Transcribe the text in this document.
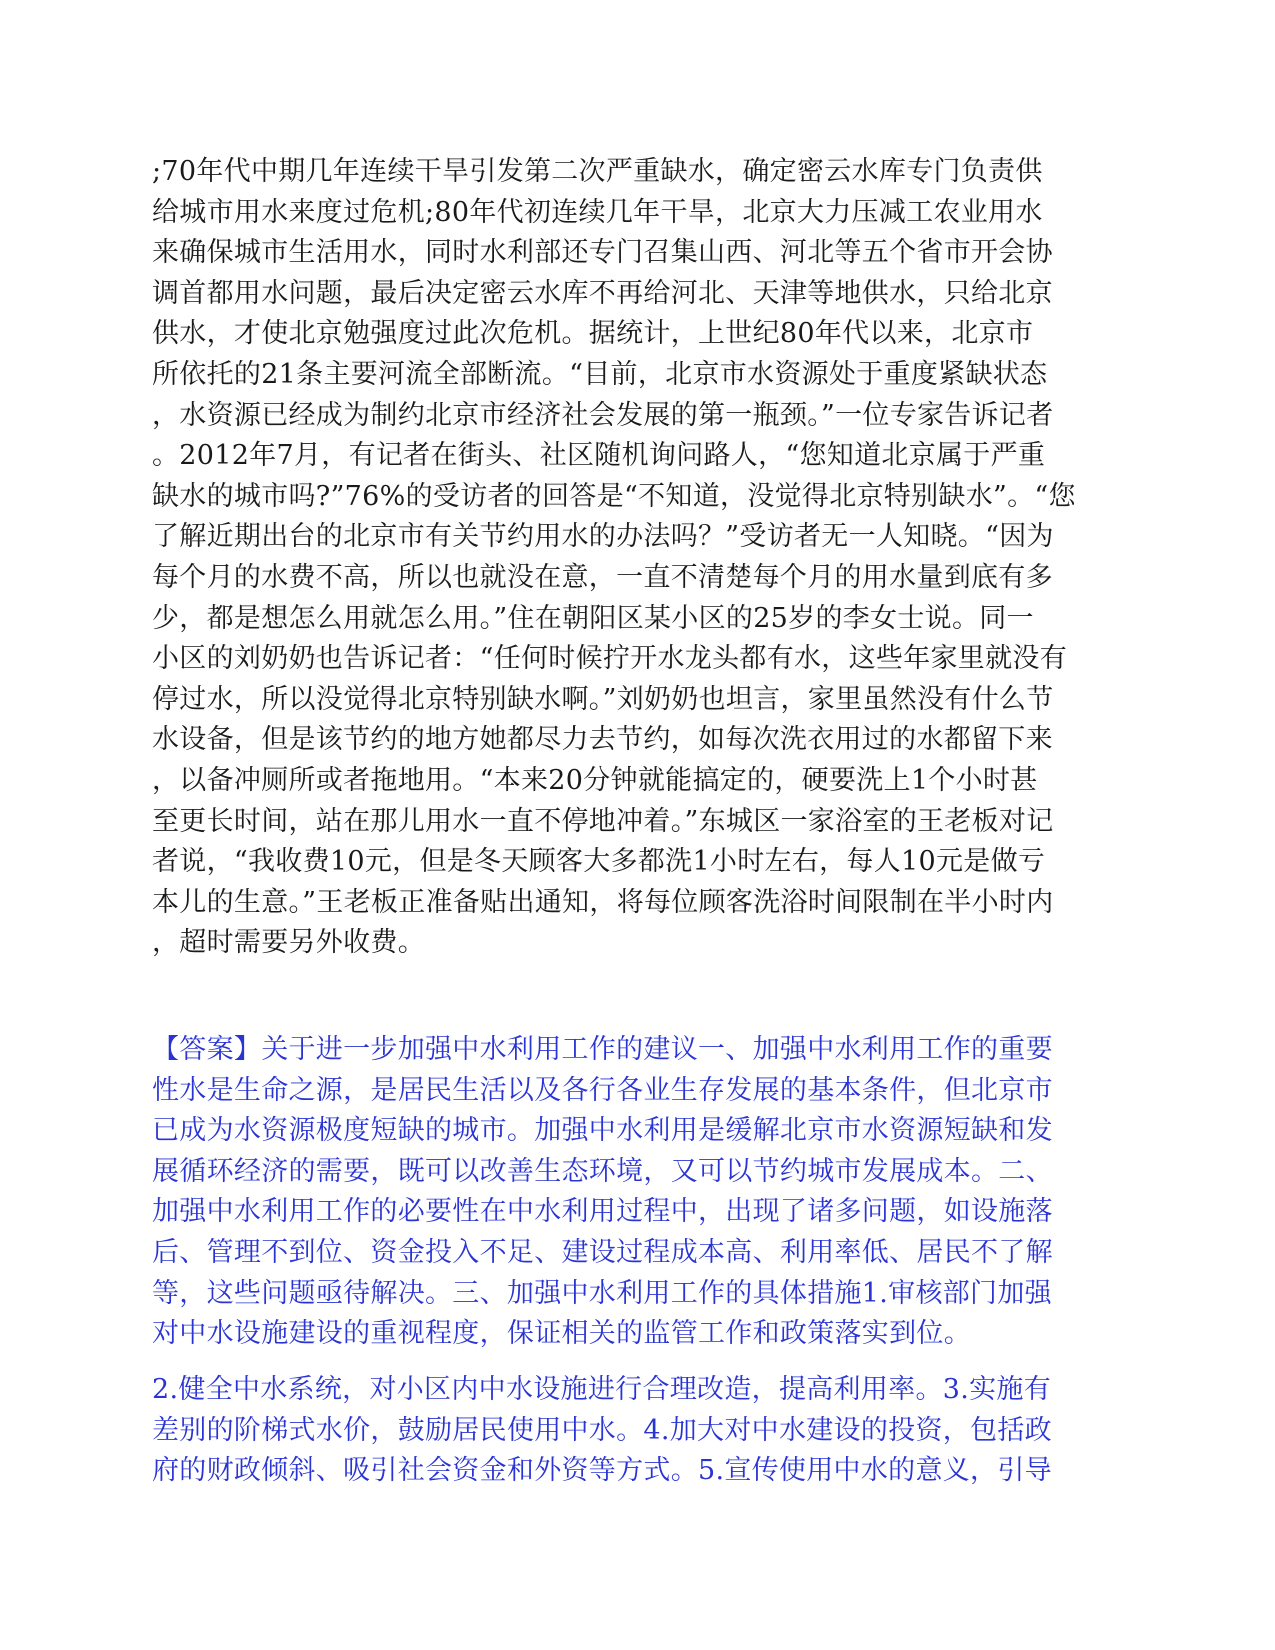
;70年代中期几年连续干旱引发第二次严重缺水，确定密云水库专门负责供
给城市用水来度过危机;80年代初连续几年干旱，北京大力压减工农业用水
来确保城市生活用水，同时水利部还专门召集山西、河北等五个省市开会协
调首都用水问题，最后决定密云水库不再给河北、天津等地供水，只给北京
供水，才使北京勉强度过此次危机。据统计，上世纪80年代以来，北京市
所依托的21条主要河流全部断流。“目前，北京市水资源处于重度紧缺状态
，水资源已经成为制约北京市经济社会发展的第一瓶颈。”一位专家告诉记者
。2012年7月，有记者在街头、社区随机询问路人，“您知道北京属于严重
缺水的城市吗?”76%的受访者的回答是“不知道，没觉得北京特别缺水”。“您
了解近期出台的北京市有关节约用水的办法吗？”受访者无一人知晓。“因为
每个月的水费不高，所以也就没在意，一直不清楚每个月的用水量到底有多
少，都是想怎么用就怎么用。”住在朝阳区某小区的25岁的李女士说。同一
小区的刘奶奶也告诉记者：“任何时候拧开水龙头都有水，这些年家里就没有
停过水，所以没觉得北京特别缺水啊。”刘奶奶也坦言，家里虽然没有什么节
水设备，但是该节约的地方她都尽力去节约，如每次洗衣用过的水都留下来
，以备冲厕所或者拖地用。“本来20分钟就能搞定的，硬要洗上1个小时甚
至更长时间，站在那儿用水一直不停地冲着。”东城区一家浴室的王老板对记
者说，“我收费10元，但是冬天顾客大多都洗1小时左右，每人10元是做亏
本儿的生意。”王老板正准备贴出通知，将每位顾客洗浴时间限制在半小时内
，超时需要另外收费。
【答案】关于进一步加强中水利用工作的建议一、加强中水利用工作的重要
性水是生命之源，是居民生活以及各行各业生存发展的基本条件，但北京市
已成为水资源极度短缺的城市。加强中水利用是缓解北京市水资源短缺和发
展循环经济的需要，既可以改善生态环境，又可以节约城市发展成本。二、
加强中水利用工作的必要性在中水利用过程中，出现了诸多问题，如设施落
后、管理不到位、资金投入不足、建设过程成本高、利用率低、居民不了解
等，这些问题亟待解决。三、加强中水利用工作的具体措施1.审核部门加强
对中水设施建设的重视程度，保证相关的监管工作和政策落实到位。
2.健全中水系统，对小区内中水设施进行合理改造，提高利用率。3.实施有
差别的阶梯式水价，鼓励居民使用中水。4.加大对中水建设的投资，包括政
府的财政倾斜、吸引社会资金和外资等方式。5.宣传使用中水的意义，引导
